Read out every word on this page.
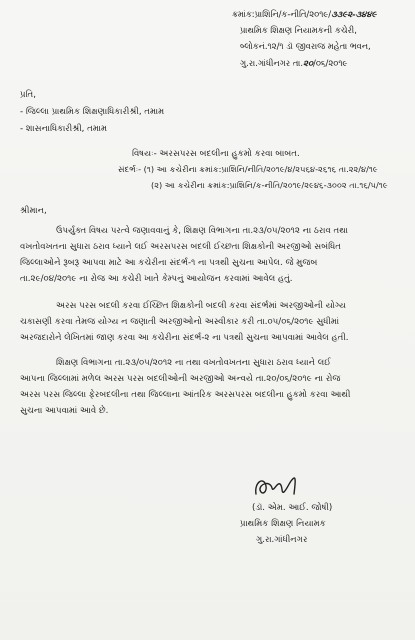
ક્રમાંક:પ્રાશિનિ/ક-નીતિ/૨૦૧૯/૩૩૯૨-૩૪૪૯
પ્રાથમિક શિક્ષણ નિયામકની કચેરી,
બ્લોકનં.૧૨/૧ ડૉ જીવરાજ મહેતા ભવન,
ગુ.રા.ગાંધીનગર તા.૨૦/૦૬/૨૦૧૯
પ્રતિ,
- જિલ્લા પ્રાથમિક શિક્ષણાધિકારીશ્રી, તમામ
- શાસનાધિકારીશ્રી, તમામ
વિષયઃ- અરસપરસ બદલીના હુકમો કરવા બાબત.
સંદર્ભઃ- (૧) આ કચેરીના ક્રમાંક:પ્રાશિનિ/નીતિ/૨૦૧૯/૪/૨૫૬૪-૨૬૧૬ તા.૨૨/૪/૧૯
(૨) આ કચેરીના ક્રમાંક:પ્રાશિનિ/ક-નીતિ/૨૦૧૯/૨૯૪૬-૩૦૦૨ તા.૧૬/૫/૧૯
શ્રીમાન,
ઉપર્યુક્ત વિષય પરત્વે જણાવવાનું કે, શિક્ષણ વિભાગના તા.૨૩/૦૫/૨૦૧૨ ના ઠરાવ તથા
વખતોવખતના સુધારા ઠરાવ ધ્યાને લઈ અરસપરસ બદલી ઈચ્છતા શિક્ષકોની અરજીઓ સબંધિત
જિલ્લાઓને રૂબરૂ આપવા માટે આ કચેરીના સંદર્ભ-૧ ના પત્રથી સુચના આપેલ. જે મુજબ
તા.૨૯/૦૪/૨૦૧૯ ના રોજ આ કચેરી ખાતે કેમ્પનું આયોજન કરવામાં આવેલ હતું.
અરસ પરસ બદલી કરવા ઈચ્છિત શિક્ષકોની બદલી કરવા સંદર્ભમાં અરજીઓની યોગ્ય
ચકાસણી કરવા તેમજ યોગ્ય ન જણાતી અરજીઓનો અસ્વીકાર કરી તા.૦૫/૦૬/૨૦૧૯ સુધીમાં
અરજદારોને લેખિતમાં જાણ કરવા આ કચેરીના સંદર્ભ-૨ ના પત્રથી સુચના આપવામાં આવેલ હતી.
શિક્ષણ વિભાગના તા.૨૩/૦૫/૨૦૧૨ ના તથા વખતોવખતના સુધારા ઠરાવ ધ્યાને લઈ
આપના જિલ્લામાં મળેલ અરસ પરસ બદલીઓની અરજીઓ અન્વયે તા.૨૦/૦૬/૨૦૧૯ ના રોજ
અરસ પરસ જિલ્લા ફેરબદલીના તથા જિલ્લાના આંતરિક અરસપરસ બદલીના હુકમો કરવા આથી
સુચના આપવામાં આવે છે.
(ડૉ. એમ. આઈ. જોષી)
પ્રાથમિક શિક્ષણ નિયામક
ગુ.રા.ગાંધીનગર
